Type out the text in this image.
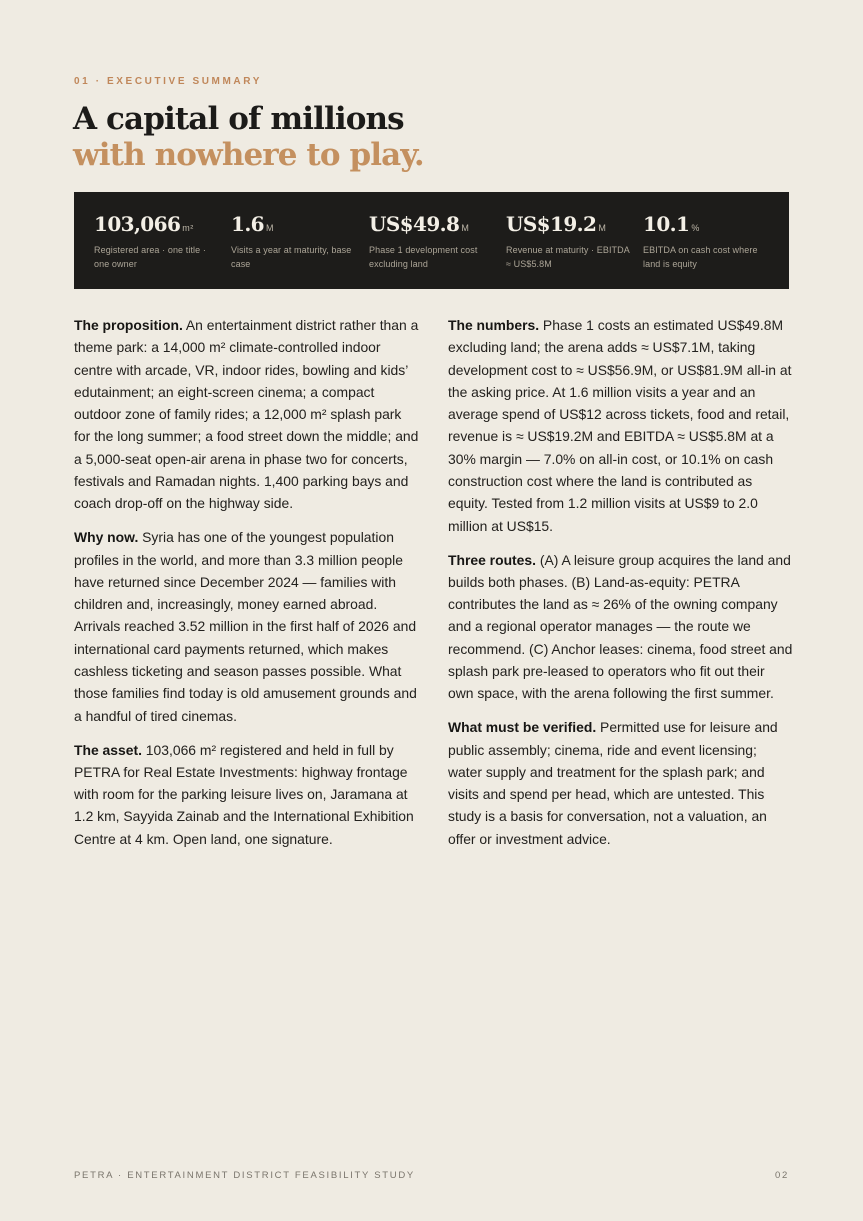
01 · EXECUTIVE SUMMARY
A capital of millions
with nowhere to play.
103,066 m²
Registered area · one title · one owner
1.6 M
Visits a year at maturity, base case
US$49.8 M
Phase 1 development cost excluding land
US$19.2 M
Revenue at maturity · EBITDA ≈ US$5.8M
10.1 %
EBITDA on cash cost where land is equity

The proposition. An entertainment district rather than a theme park: a 14,000 m² climate-controlled indoor centre with arcade, VR, indoor rides, bowling and kids’ edutainment; an eight-screen cinema; a compact outdoor zone of family rides; a 12,000 m² splash park for the long summer; a food street down the middle; and a 5,000-seat open-air arena in phase two for concerts, festivals and Ramadan nights. 1,400 parking bays and coach drop-off on the highway side.

Why now. Syria has one of the youngest population profiles in the world, and more than 3.3 million people have returned since December 2024 — families with children and, increasingly, money earned abroad. Arrivals reached 3.52 million in the first half of 2026 and international card payments returned, which makes cashless ticketing and season passes possible. What those families find today is old amusement grounds and a handful of tired cinemas.

The asset. 103,066 m² registered and held in full by PETRA for Real Estate Investments: highway frontage with room for the parking leisure lives on, Jaramana at 1.2 km, Sayyida Zainab and the International Exhibition Centre at 4 km. Open land, one signature.

The numbers. Phase 1 costs an estimated US$49.8M excluding land; the arena adds ≈ US$7.1M, taking development cost to ≈ US$56.9M, or US$81.9M all-in at the asking price. At 1.6 million visits a year and an average spend of US$12 across tickets, food and retail, revenue is ≈ US$19.2M and EBITDA ≈ US$5.8M at a 30% margin — 7.0% on all-in cost, or 10.1% on cash construction cost where the land is contributed as equity. Tested from 1.2 million visits at US$9 to 2.0 million at US$15.

Three routes. (A) A leisure group acquires the land and builds both phases. (B) Land-as-equity: PETRA contributes the land as ≈ 26% of the owning company and a regional operator manages — the route we recommend. (C) Anchor leases: cinema, food street and splash park pre-leased to operators who fit out their own space, with the arena following the first summer.

What must be verified. Permitted use for leisure and public assembly; cinema, ride and event licensing; water supply and treatment for the splash park; and visits and spend per head, which are untested. This study is a basis for conversation, not a valuation, an offer or investment advice.

PETRA · ENTERTAINMENT DISTRICT FEASIBILITY STUDY	02
